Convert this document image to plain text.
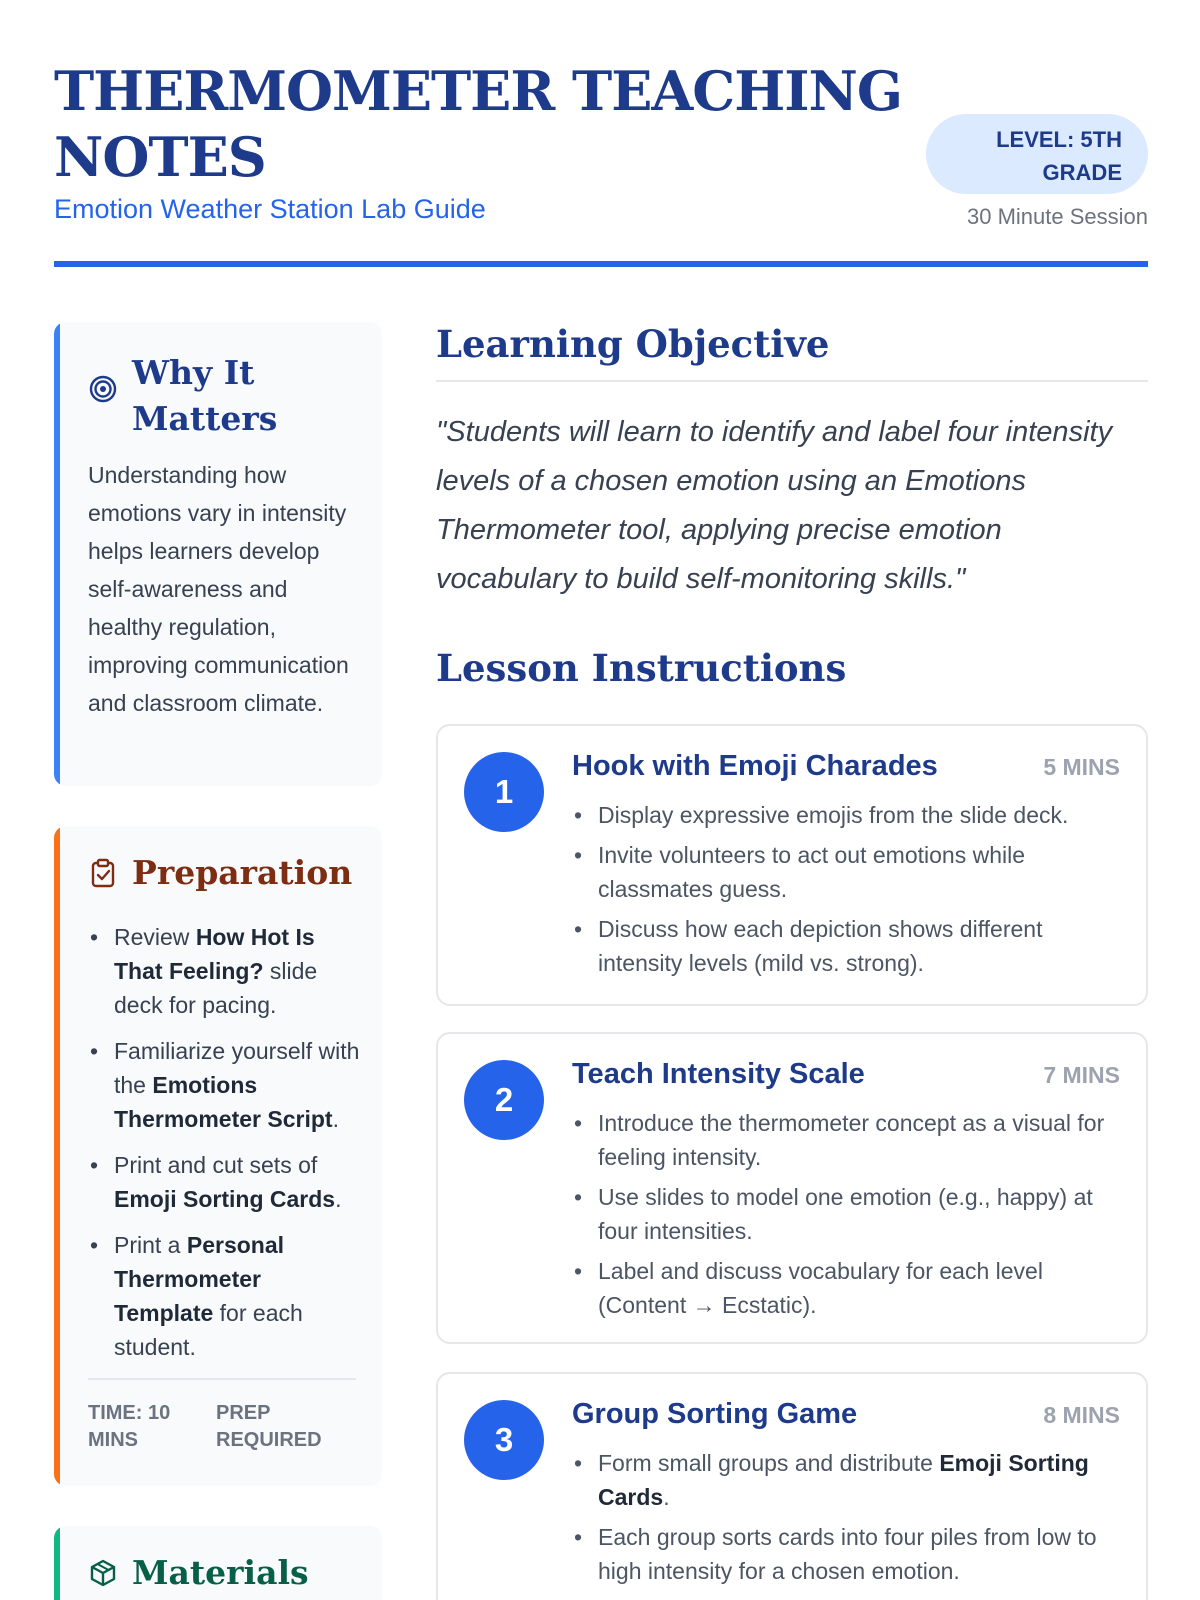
THERMOMETER TEACHING NOTES
Emotion Weather Station Lab Guide
LEVEL: 5TH GRADE
30 Minute Session
Why It Matters
Understanding how emotions vary in intensity helps learners develop self-awareness and healthy regulation, improving communication and classroom climate.
Preparation
• Review How Hot Is That Feeling? slide deck for pacing.
• Familiarize yourself with the Emotions Thermometer Script.
• Print and cut sets of Emoji Sorting Cards.
• Print a Personal Thermometer Template for each student.
TIME: 10 MINS
PREP REQUIRED
Materials
Learning Objective
"Students will learn to identify and label four intensity levels of a chosen emotion using an Emotions Thermometer tool, applying precise emotion vocabulary to build self-monitoring skills."
Lesson Instructions
1
Hook with Emoji Charades	5 MINS
• Display expressive emojis from the slide deck.
• Invite volunteers to act out emotions while classmates guess.
• Discuss how each depiction shows different intensity levels (mild vs. strong).
2
Teach Intensity Scale	7 MINS
• Introduce the thermometer concept as a visual for feeling intensity.
• Use slides to model one emotion (e.g., happy) at four intensities.
• Label and discuss vocabulary for each level (Content → Ecstatic).
3
Group Sorting Game	8 MINS
• Form small groups and distribute Emoji Sorting Cards.
• Each group sorts cards into four piles from low to high intensity for a chosen emotion.
